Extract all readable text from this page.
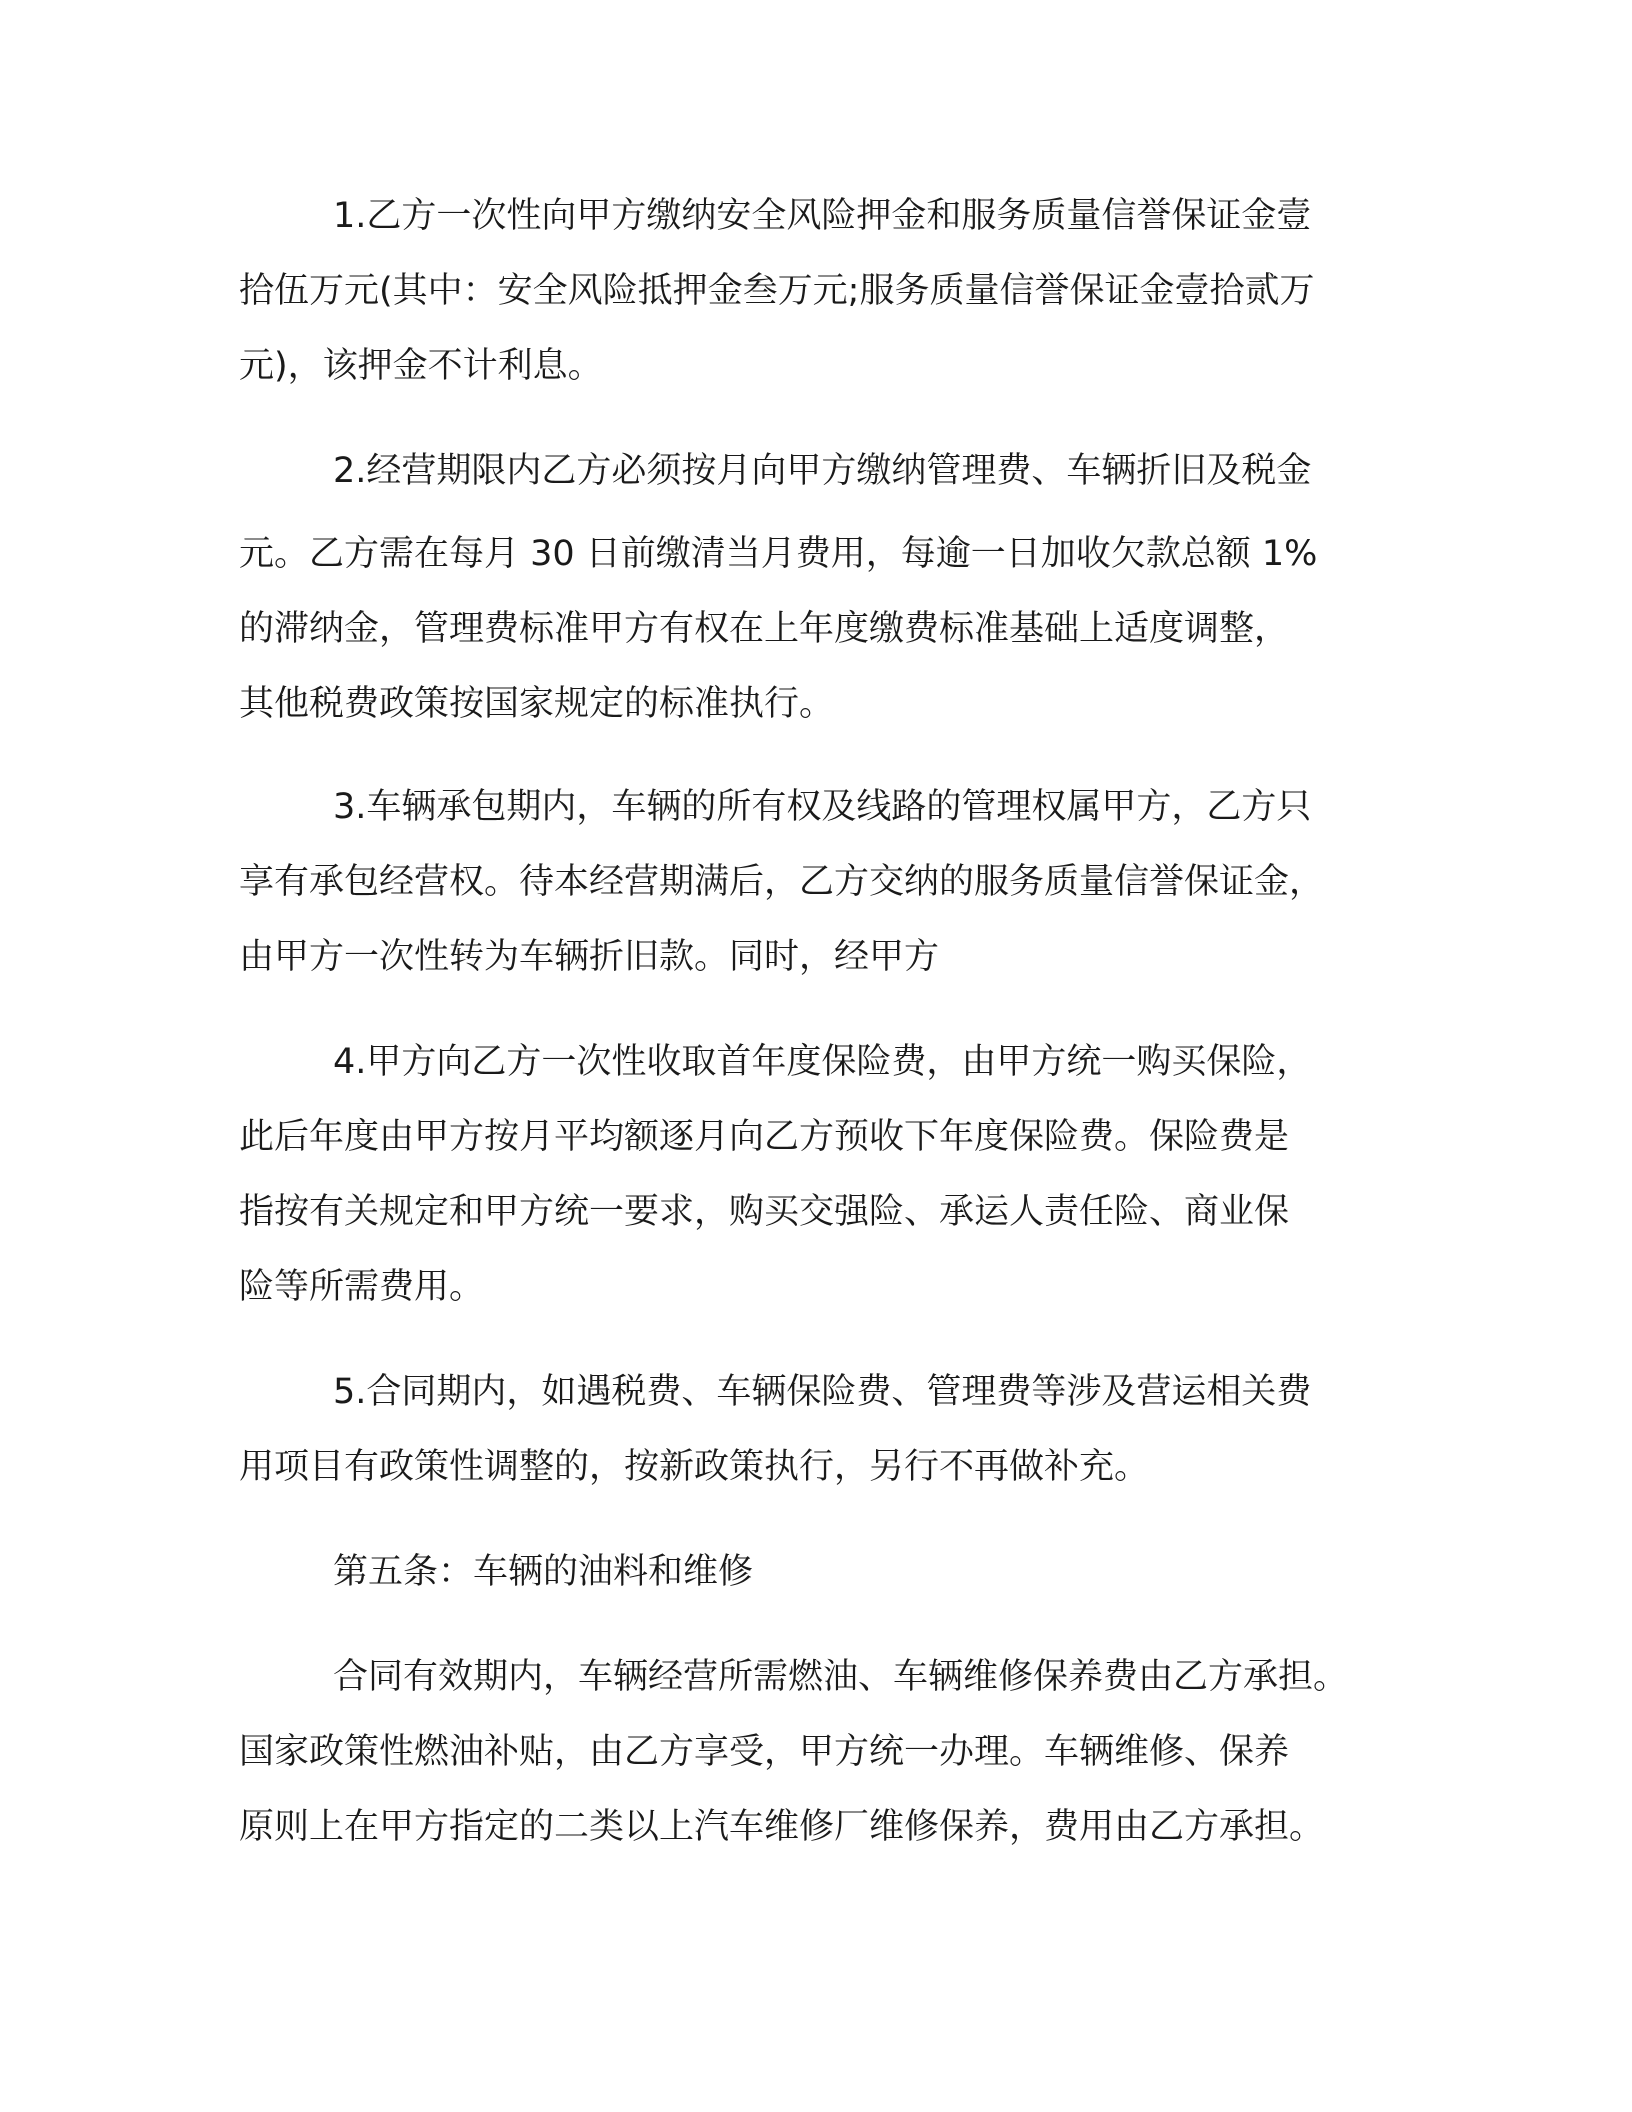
1.乙方一次性向甲方缴纳安全风险押金和服务质量信誉保证金壹

拾伍万元(其中：安全风险抵押金叁万元;服务质量信誉保证金壹拾贰万

元)，该押金不计利息。

2.经营期限内乙方必须按月向甲方缴纳管理费、车辆折旧及税金

元。乙方需在每月 30 日前缴清当月费用，每逾一日加收欠款总额 1%

的滞纳金，管理费标准甲方有权在上年度缴费标准基础上适度调整，

其他税费政策按国家规定的标准执行。

3.车辆承包期内，车辆的所有权及线路的管理权属甲方，乙方只

享有承包经营权。待本经营期满后，乙方交纳的服务质量信誉保证金，

由甲方一次性转为车辆折旧款。同时，经甲方

4.甲方向乙方一次性收取首年度保险费，由甲方统一购买保险，

此后年度由甲方按月平均额逐月向乙方预收下年度保险费。保险费是

指按有关规定和甲方统一要求，购买交强险、承运人责任险、商业保

险等所需费用。

5.合同期内，如遇税费、车辆保险费、管理费等涉及营运相关费

用项目有政策性调整的，按新政策执行，另行不再做补充。

第五条：车辆的油料和维修

合同有效期内，车辆经营所需燃油、车辆维修保养费由乙方承担。

国家政策性燃油补贴，由乙方享受，甲方统一办理。车辆维修、保养

原则上在甲方指定的二类以上汽车维修厂维修保养，费用由乙方承担。
